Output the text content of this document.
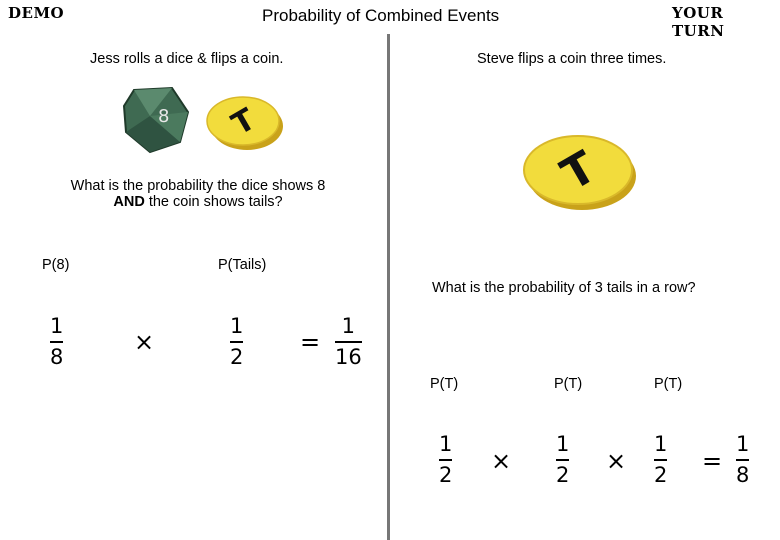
DEMO	Probability of Combined Events	YOUR TURN
Jess rolls a dice & flips a coin.
8 T
What is the probability the dice shows 8
AND the coin shows tails?
P(8)	P(Tails)
1
8
×
1
2
=
1
16
Steve flips a coin three times.
T
What is the probability of 3 tails in a row?
P(T)	P(T)	P(T)
1
2 ×
1
2 ×
1
2 =
1
8
